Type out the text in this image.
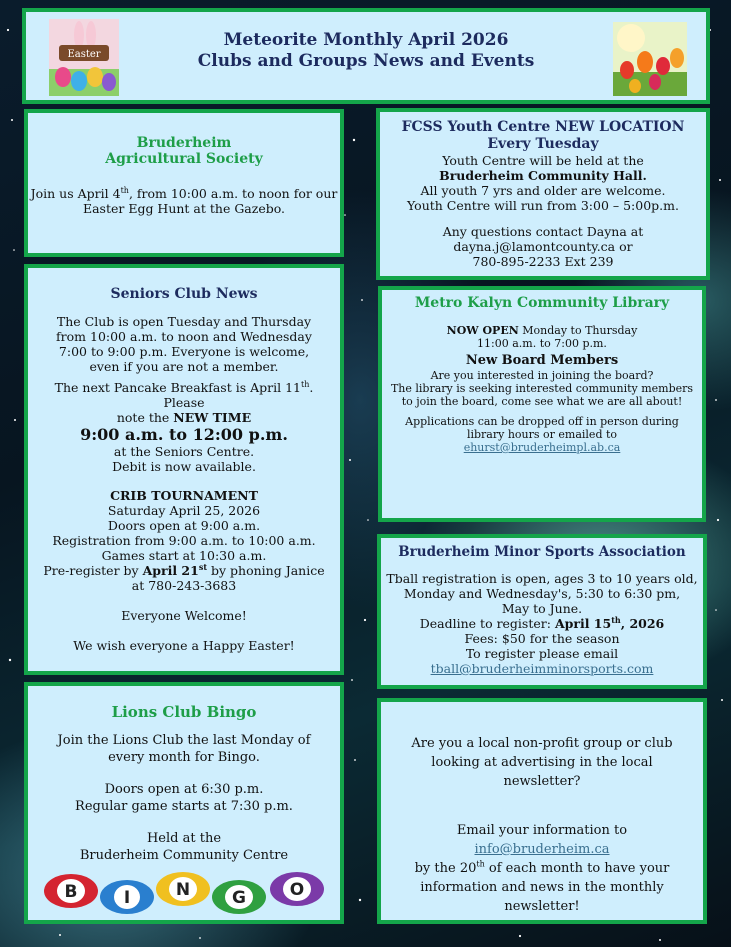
Easter
Meteorite Monthly April 2026
Clubs and Groups News and Events
Bruderheim
Agricultural Society

Join us April 4th, from 10:00 a.m. to noon for our
Easter Egg Hunt at the Gazebo.

FCSS Youth Centre NEW LOCATION
Every Tuesday

Youth Centre will be held at the

Bruderheim Community Hall.

All youth 7 yrs and older are welcome.

Youth Centre will run from 3:00 – 5:00p.m.

Any questions contact Dayna at

dayna.j@lamontcounty.ca or

780-895-2233 Ext 239

Seniors Club News

The Club is open Tuesday and Thursday from 10:00 a.m. to noon and Wednesday 7:00 to 9:00 p.m. Everyone is welcome, even if you are not a member.

The next Pancake Breakfast is April 11th. Please
note the NEW TIME

9:00 a.m. to 12:00 p.m.

at the Seniors Centre.

Debit is now available.

CRIB TOURNAMENT

Saturday April 25, 2026

Doors open at 9:00 a.m.

Registration from 9:00 a.m. to 10:00 a.m.

Games start at 10:30 a.m.

Pre-register by April 21st by phoning Janice

at 780-243-3683

Everyone Welcome!

We wish everyone a Happy Easter!

Metro Kalyn Community Library

NOW OPEN Monday to Thursday

11:00 a.m. to 7:00 p.m.

New Board Members

Are you interested in joining the board?

The library is seeking interested community members to join the board, come see what we are all about!

Applications can be dropped off in person during library hours or emailed to ehurst@bruderheimpl.ab.ca

Bruderheim Minor Sports Association

Tball registration is open, ages 3 to 10 years old,

Monday and Wednesday's, 5:30 to 6:30 pm,

May to June.

Deadline to register: April 15th, 2026

Fees: $50 for the season

To register please email

tball@bruderheimminorsports.com

Lions Club Bingo

Join the Lions Club the last Monday of

every month for Bingo.

Doors open at 6:30 p.m.

Regular game starts at 7:30 p.m.

Held at the

Bruderheim Community Centre

B	I	N G	O

Are you a local non-profit group or club looking at advertising in the local newsletter?

Email your information to info@bruderheim.ca

by the 20th of each month to have your information and news in the monthly newsletter!
